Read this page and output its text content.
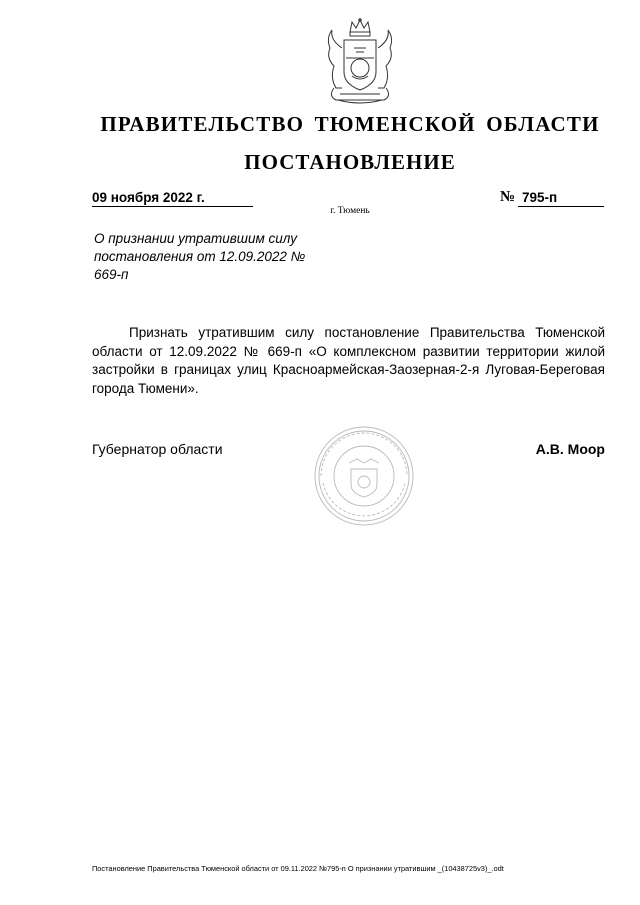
ПРАВИТЕЛЬСТВО ТЮМЕНСКОЙ ОБЛАСТИ
ПОСТАНОВЛЕНИЕ
09 ноября 2022 г.	№ 795-п
г. Тюмень
О признании утратившим силу постановления от 12.09.2022 № 669-п
Признать утратившим силу постановление Правительства Тюменской области от 12.09.2022 № 669-п «О комплексном развитии территории жилой застройки в границах улиц Красноармейская-Заозерная-2-я Луговая-Береговая города Тюмени».
Губернатор области	А.В. Моор
Постановление Правительства Тюменской области от 09.11.2022 №795-п О признании утратившим _(10438725v3)_.odt
